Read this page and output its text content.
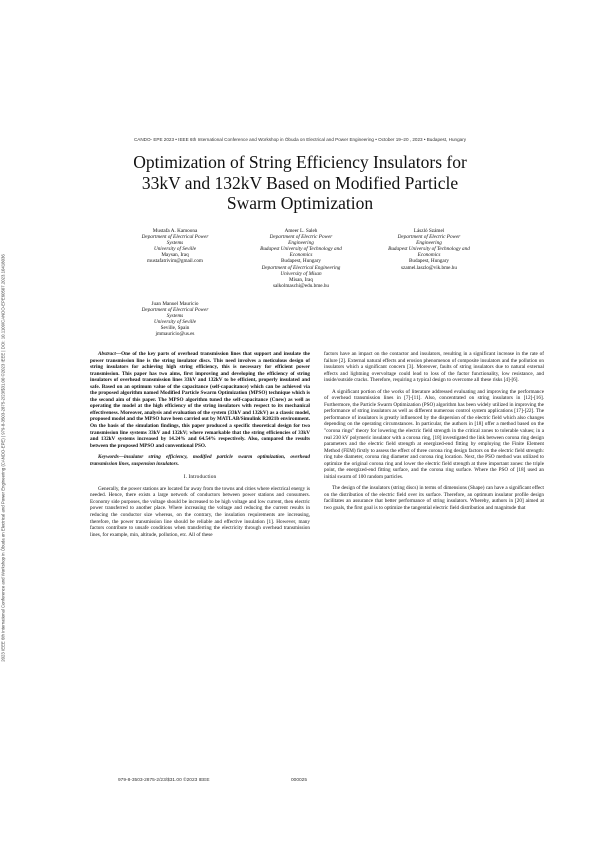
CANDO- EPE 2023 • IEEE 6th International Conference and Workshop in Óbuda on Electrical and Power Engineering • October 19–20 , 2023 • Budapest, Hungary
2023 IEEE 6th International Conference and Workshop in Óbuda on Electrical and Power Engineering (CANDO-EPE) | 979-8-3503-2875-2/23/$31.00 ©2023 IEEE | DOI: 10.1109/CANDO-EPE60507.2023.10418036
Optimization of String Efficiency Insulators for
33kV and 132kV Based on Modified Particle
Swarm Optimization
Mustafa A. Kamoona
Department of Electrical Power
Systems
University of Seville
Maysan, Iraq
mustafatrivim@gmail.com
Ameer L. Saleh
Department of Electric Power
Engineering
Budapest University of Technology and
Economics
Budapest, Hungary
Department of Electrical Engineering
University of Misan
Misan, Iraq
salkolmaschi@edu.bme.hu
László Számel
Department of Electric Power
Engineering
Budapest University of Technology and
Economics
Budapest, Hungary
szamel.laszlo@vik.bme.hu
Juan Manuel Mauricio
Department of Electrical Power
Systems
University of Seville
Seville, Spain
jmmauricio@us.es

Abstract—One of the key parts of overhead transmission lines that support and insulate the power transmission line is the string insulator discs. This need involves a meticulous design of string insulators for achieving high string efficiency, this is necessary for efficient power transmission. This paper has two aims, first improving and developing the efficiency of string insulators of overhead transmission lines 33kV and 132kV to be efficient, properly insulated and safe. Based on an optimum value of the capacitance (self-capacitance) which can be achieved via the proposed algorithm named Modified Particle Swarm Optimization (MPSO) technique which is the second aim of this paper. The MPSO algorithm tuned the self-capacitance (Cnew) as well as operating the model at the high efficiency of the string insulators with respect to its mechanical effectiveness. Moreover, analysis and evaluation of the system (33kV and 132kV) as a classic model, proposed model and the MPSO have been carried out by MATLAB/Simulink R2021b environment. On the basis of the simulation findings, this paper produced a specific theoretical design for two transmission line systems 33kV and 132kV; where remarkable that the string efficiencies of 33kV and 132kV systems increased by 14.24% and 64.54% respectively. Also, compared the results between the proposed MPSO and conventional PSO.

Keywords—insulator string efficiency, modified particle swarm optimization, overhead transmission lines, suspension insulators.

I. Introduction

Generally, the power stations are located far away from the towns and cities where electrical energy is needed. Hence, there exists a large network of conductors between power stations and consumers. Economy side purposes, the voltage should be increased to be high voltage and low current, then electric power transferred to another place. Where increasing the voltage and reducing the current results in reducing the conductor size whereas, on the contrary, the insulation requirements are increasing, therefore, the power transmission line should be reliable and effective insulation [1]. However, many factors contribute to unsafe conditions when transferring the electricity through overhead transmission lines, for example, min, altitude, pollution, etc. All of these

factors have an impact on the contactor and insulators, resulting in a significant increase in the rate of failure [2]. External natural effects and erosion phenomenon of composite insulators and the pollution on insulators which a significant concern [3]. Moreover, faults of string insulators due to natural external effects and lightning overvoltage could lead to loss of the factor functionality, low resistance, and inside/outside cracks. Therefore, requiring a typical design to overcome all these risks [4]-[6].

A significant portion of the works of literature addressed evaluating and improving the performance of overhead transmission lines in [7]-[11]. Also, concentrated on string insulators in [12]-[16]. Furthermore, the Particle Swarm Optimization (PSO) algorithm has been widely utilized in improving the performance of string insulators as well as different numerous control system applications [17]-[22]. The performance of insulators is greatly influenced by the dispersion of the electric field which also changes depending on the operating circumstances. In particular, the authors in [18] offer a method based on the "corona rings" theory for lowering the electric field strength in the critical zones to tolerable values; in a real 230 kV polymeric insulator with a corona ring, [18] investigated the link between corona ring design parameters and the electric field strength at energized-end fitting by employing the Finite Element Method (FEM) firstly to assess the effect of three corona ring design factors on the electric field strength: ring tube diameter, corona ring diameter and corona ring location. Next, the PSO method was utilized to optimize the original corona ring and lower the electric field strength at three important zones: the triple point, the energized-end fitting surface, and the corona ring surface. Where the PSO of [18] used an initial swarm of 100 random particles.

The design of the insulators (string discs) in terms of dimensions (Shape) can have a significant effect on the distribution of the electric field over its surface. Therefore, an optimum insulator profile design facilitates an assurance that better performance of string insulators. Whereby, authors in [20] aimed at two goals, the first goal is to optimize the tangential electric field distribution and magnitude that

979-8-3503-2875-2/23/$31.00 ©2023 IEEE	000025
